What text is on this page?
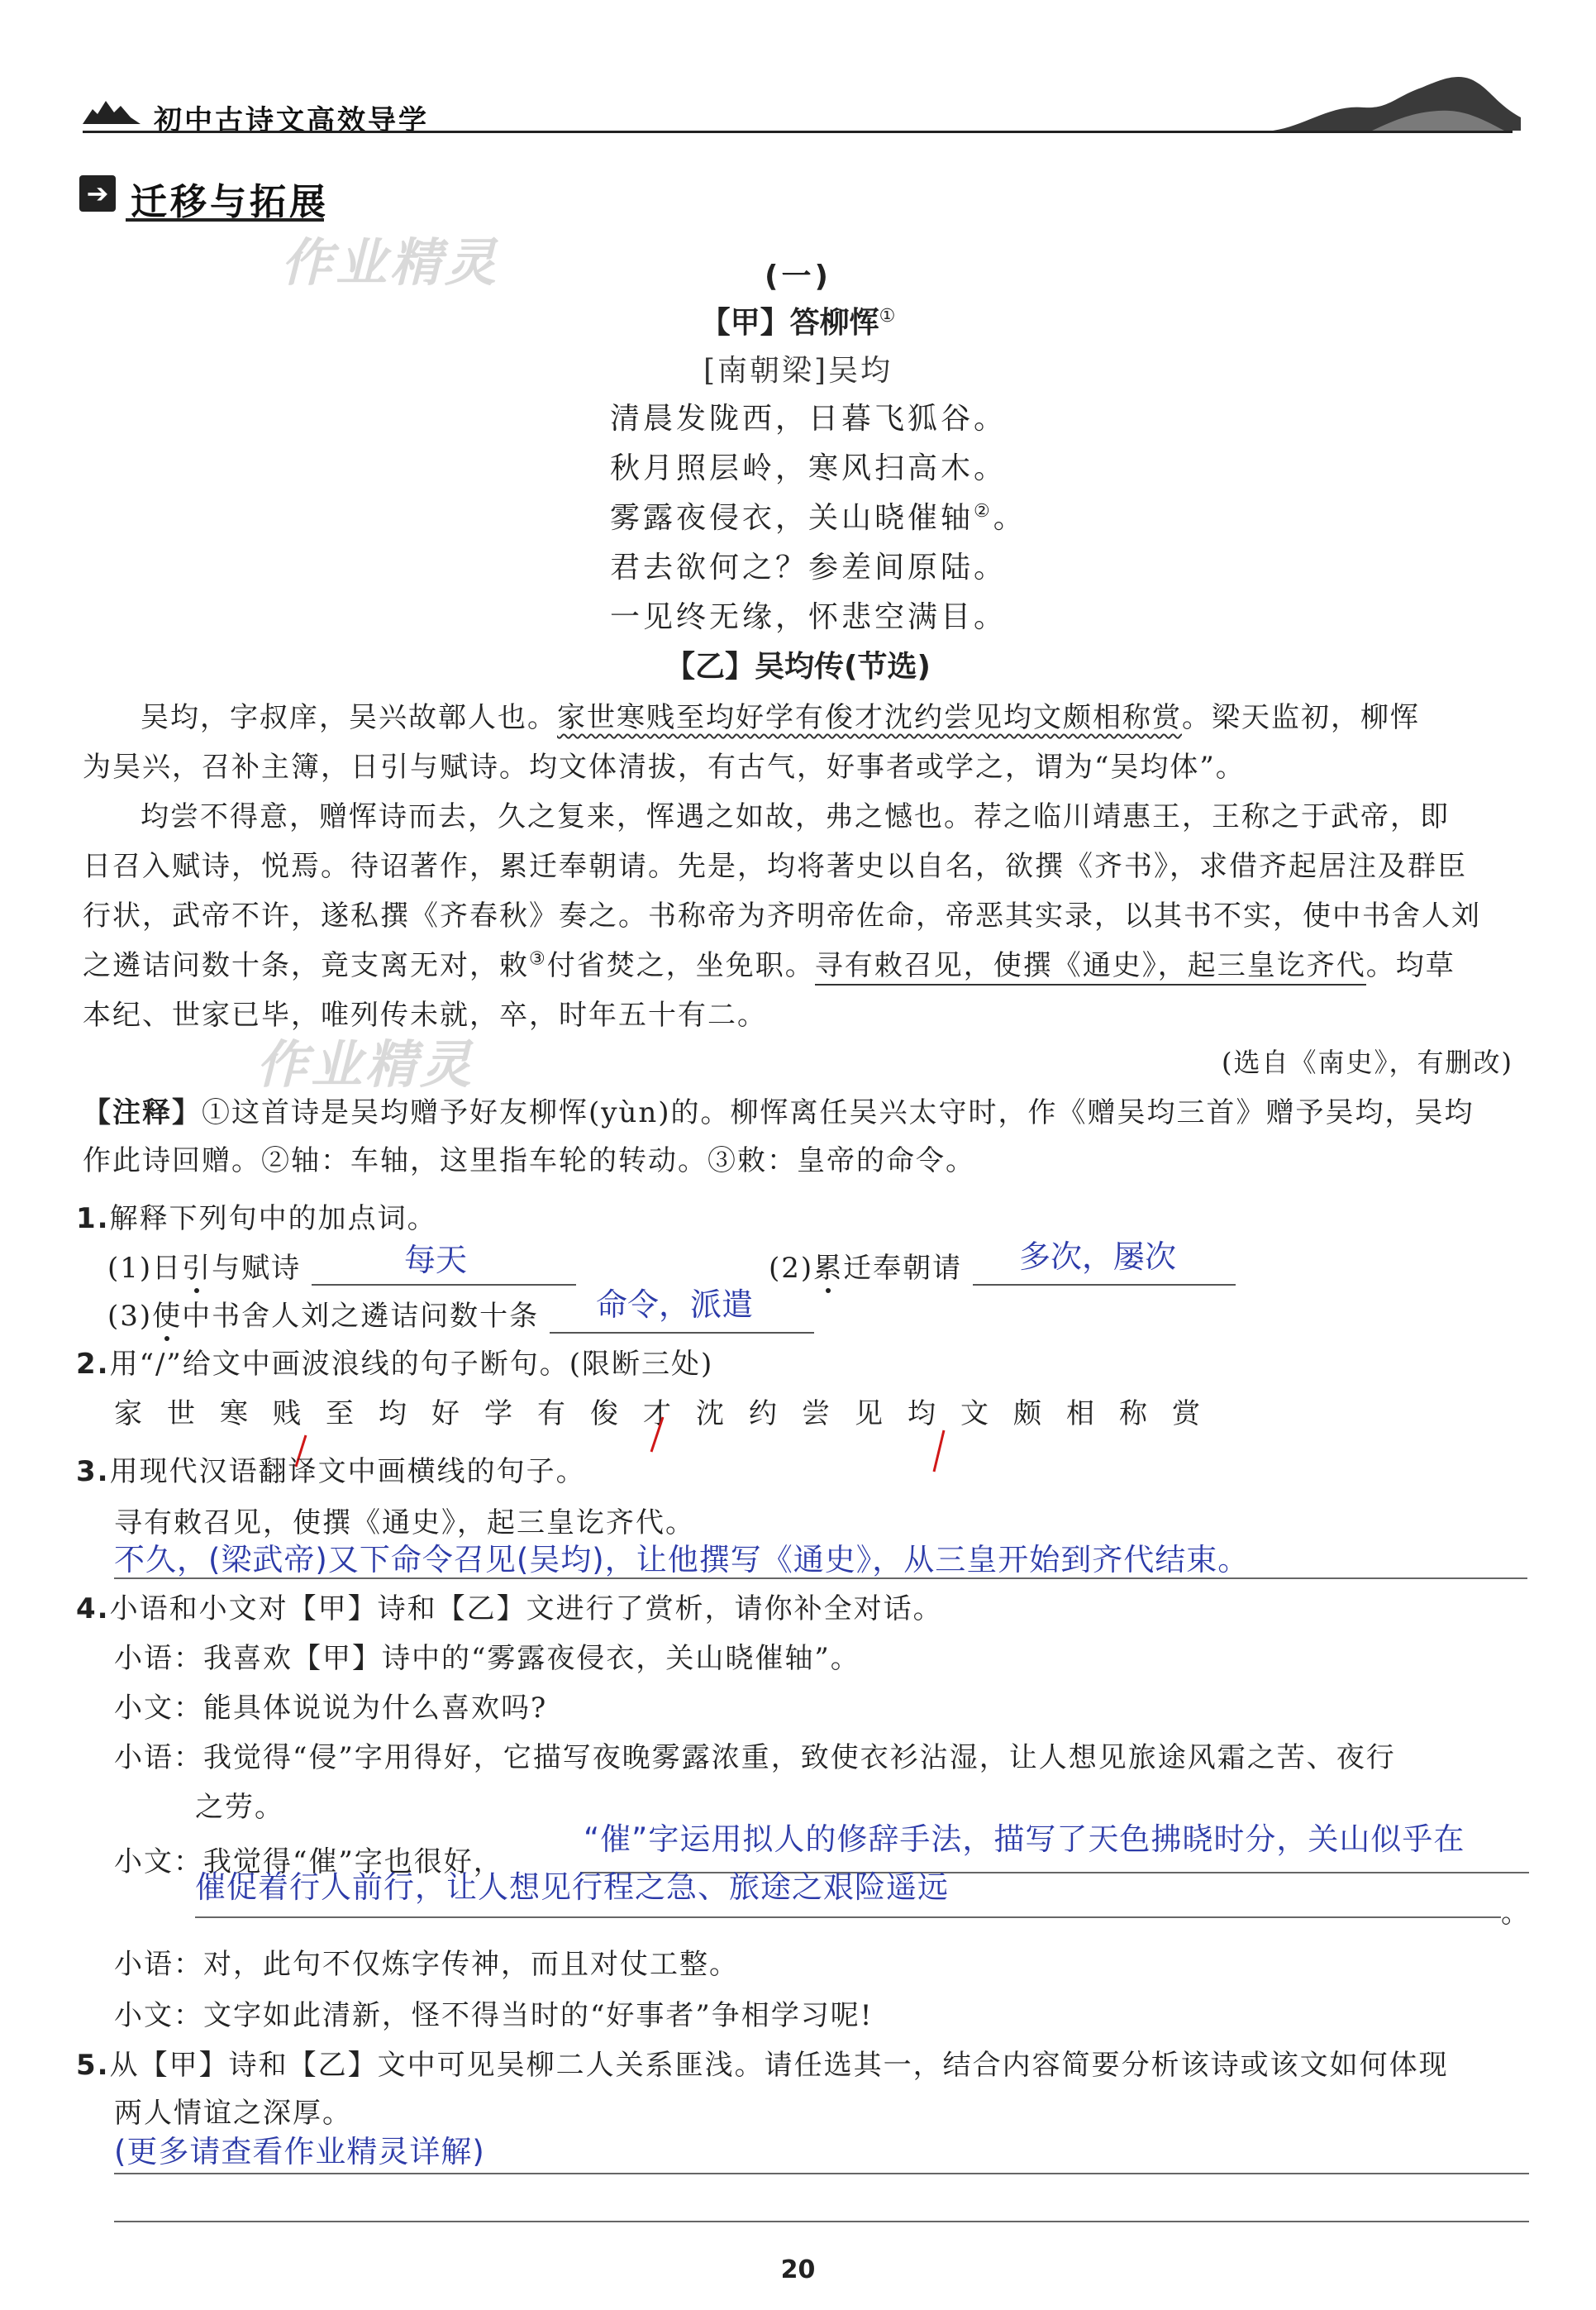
初中古诗文高效导学
➔ 迁移与拓展
作业精灵	(一)
【甲】答柳恽①
[南朝梁]吴均
清晨发陇西，日暮飞狐谷。
秋月照层岭，寒风扫高木。
雾露夜侵衣，关山晓催轴②。
君去欲何之？参差间原陆。
一见终无缘，怀悲空满目。
【乙】吴均传(节选)
吴均，字叔庠，吴兴故鄣人也。家世寒贱至均好学有俊才沈约尝见均文颇相称赏。梁天监初，柳恽
为吴兴，召补主簿，日引与赋诗。均文体清拔，有古气，好事者或学之，谓为“吴均体”。
均尝不得意，赠恽诗而去，久之复来，恽遇之如故，弗之憾也。荐之临川靖惠王，王称之于武帝，即
日召入赋诗，悦焉。待诏著作，累迁奉朝请。先是，均将著史以自名，欲撰《齐书》，求借齐起居注及群臣
行状，武帝不许，遂私撰《齐春秋》奏之。书称帝为齐明帝佐命，帝恶其实录，以其书不实，使中书舍人刘
之遴诘问数十条，竟支离无对，敕③付省焚之，坐免职。寻有敕召见，使撰《通史》，起三皇讫齐代。均草
本纪、世家已毕，唯列传未就，卒，时年五十有二。
作业精灵	(选自《南史》，有删改)
【注释】①这首诗是吴均赠予好友柳恽(yùn)的。柳恽离任吴兴太守时，作《赠吴均三首》赠予吴均，吴均
作此诗回赠。②轴：车轴，这里指车轮的转动。③敕：皇帝的命令。
1.解释下列句中的加点词。
(1)日引与赋诗	每天
	(2)累迁奉朝请 多次，屡次

(3)使中书舍人刘之遴诘问数十条 命令，派遣

2.用“/”给文中画波浪线的句子断句。(限断三处)
家 世 寒 贱 至 均 好 学 有 俊 才 沈 约 尝 见 均 文 颇 相 称 赏
3.用现代汉语翻译文中画横线的句子。
寻有敕召见，使撰《通史》，起三皇讫齐代。
不久，(梁武帝)又下命令召见(吴均)，让他撰写《通史》，从三皇开始到齐代结束。
4.小语和小文对【甲】诗和【乙】文进行了赏析，请你补全对话。
小语：我喜欢【甲】诗中的“雾露夜侵衣，关山晓催轴”。
小文：能具体说说为什么喜欢吗?
小语：我觉得“侵”字用得好，它描写夜晚雾露浓重，致使衣衫沾湿，让人想见旅途风霜之苦、夜行
之劳。
小文：我觉得“催”字也很好，
“催”字运用拟人的修辞手法，描写了天色拂晓时分，关山似乎在
催促着行人前行，让人想见行程之急、旅途之艰险遥远
。
小语：对，此句不仅炼字传神，而且对仗工整。
小文：文字如此清新，怪不得当时的“好事者”争相学习呢!
5.从【甲】诗和【乙】文中可见吴柳二人关系匪浅。请任选其一，结合内容简要分析该诗或该文如何体现
两人情谊之深厚。
(更多请查看作业精灵详解)
20
